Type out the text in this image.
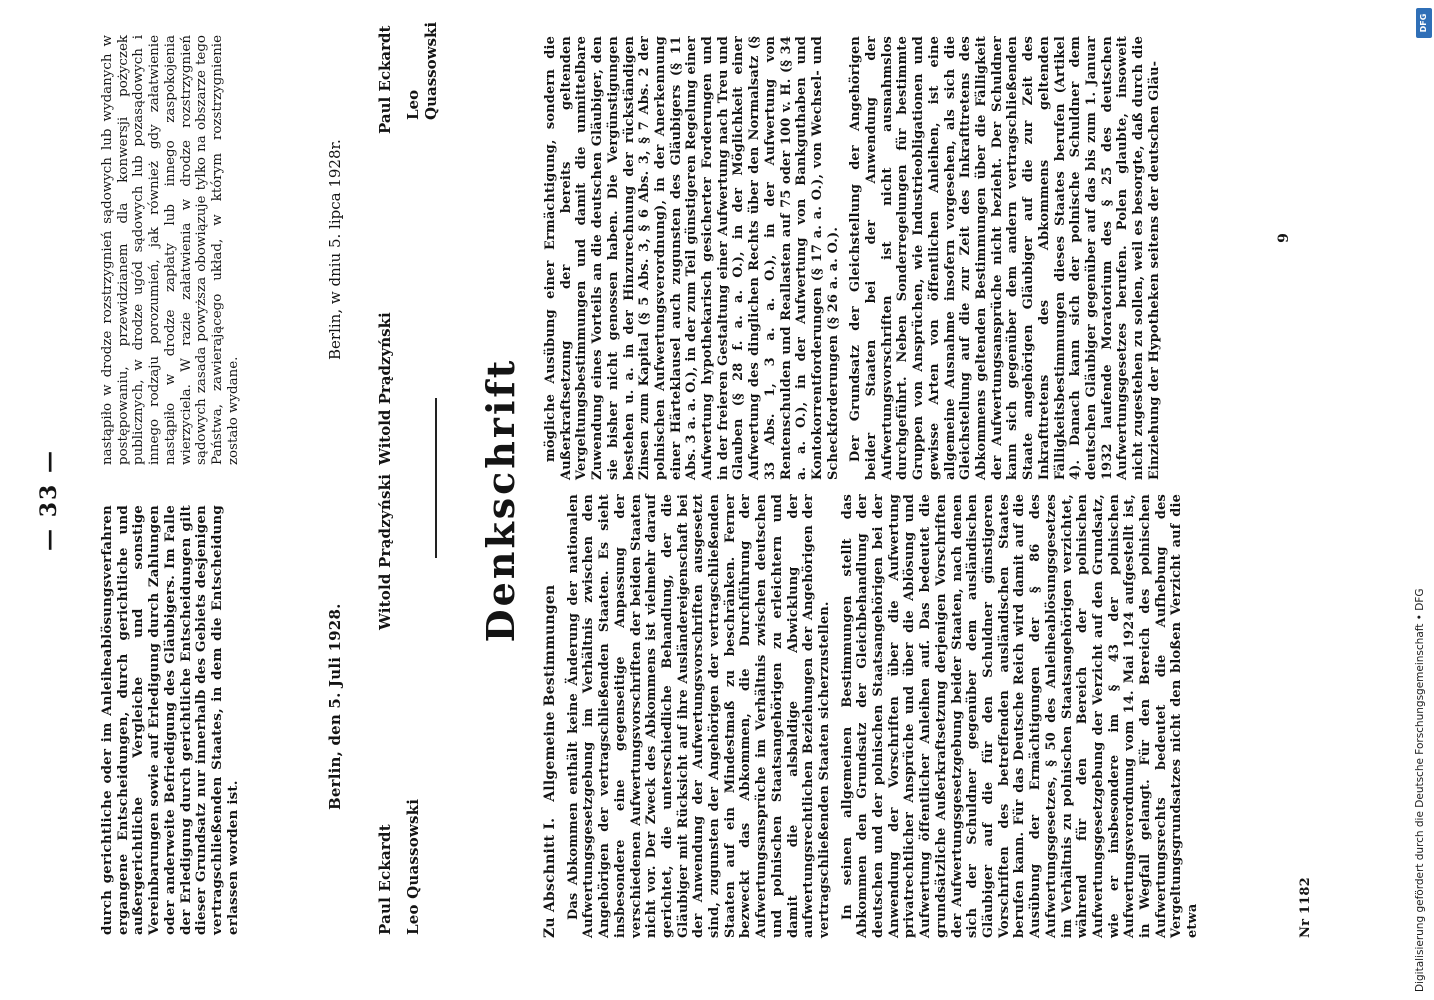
— 33 —

durch gerichtliche oder im Anleiheablösungsverfahren ergangene Entscheidungen, durch gerichtliche und außergerichtliche Vergleiche und sonstige Vereinbarungen sowie auf Erledigung durch Zahlungen oder anderweite Befriedigung des Gläubigers. Im Falle der Erledigung durch gerichtliche Entscheidungen gilt dieser Grundsatz nur innerhalb des Gebiets desjenigen vertragschließenden Staates, in dem die Entscheidung erlassen worden ist.

nastąpiło w drodze rozstrzygnień sądowych lub wydanych w postępowaniu, przewidzianem dla konwersji pożyczek publicznych, w drodze ugód sądowych lub pozasądowych i innego rodzaju porozumień, jak również gdy załatwienie nastąpiło w drodze zapłaty lub innego zaspokojenia wierzyciela. W razie załatwienia w drodze rozstrzygnień sądowych zasada powyższa obowiązuje tylko na obszarze tego Państwa, zawierającego układ, w którym rozstrzygnienie zostało wydane.

Berlin, den 5. Juli 1928.
Berlin, w dniu 5. lipca 1928r.
Paul Eckardt Leo Quassowski
Witold Prądzyński
Witold Prądzyński
Paul Eckardt Leo Quassowski
Denkschrift

Zu Abschnitt I.Allgemeine Bestimmungen Das Abkommen enthält keine Änderung der nationalen Aufwertungsgesetzgebung im Verhältnis zwischen den Angehörigen der vertragschließenden Staaten. Es sieht insbesondere eine gegenseitige Anpassung der verschiedenen Aufwertungsvorschriften der beiden Staaten nicht vor. Der Zweck des Abkommens ist vielmehr darauf gerichtet, die unterschiedliche Behandlung, der die Gläubiger mit Rücksicht auf ihre Ausländereigenschaft bei der Anwendung der Aufwertungsvorschriften ausgesetzt sind, zugunsten der Angehörigen der vertragschließenden Staaten auf ein Mindestmaß zu beschränken. Ferner bezweckt das Abkommen, die Durchführung der Aufwertungsansprüche im Verhältnis zwischen deutschen und polnischen Staatsangehörigen zu erleichtern und damit die alsbaldige Abwicklung der aufwertungsrechtlichen Beziehungen der Angehörigen der vertragschließenden Staaten sicherzustellen. In seinen allgemeinen Bestimmungen stellt das Abkommen den Grundsatz der Gleichbehandlung der deutschen und der polnischen Staatsangehörigen bei der Anwendung der Vorschriften über die Aufwertung privatrechtlicher Ansprüche und über die Ablösung und Aufwertung öffentlicher Anleihen auf. Das bedeutet die grundsätzliche Außerkraftsetzung derjenigen Vorschriften der Aufwertungsgesetzgebung beider Staaten, nach denen sich der Schuldner gegenüber dem ausländischen Gläubiger auf die für den Schuldner günstigeren Vorschriften des betreffenden ausländischen Staates berufen kann. Für das Deutsche Reich wird damit auf die Ausübung der Ermächtigungen der § 86 des Aufwertungsgesetzes, § 50 des Anleiheablösungsgesetzes im Verhältnis zu polnischen Staatsangehörigen verzichtet, während für den Bereich der polnischen Aufwertungsgesetzgebung der Verzicht auf den Grundsatz, wie er insbesondere im § 43 der polnischen Aufwertungsverordnung vom 14. Mai 1924 aufgestellt ist, in Wegfall gelangt. Für den Bereich des polnischen Aufwertungsrechts bedeutet die Aufhebung des Vergeltungsgrundsatzes nicht den bloßen Verzicht auf die etwa

mögliche Ausübung einer Ermächtigung, sondern die Außerkraftsetzung der bereits geltenden Vergeltungsbestimmungen und damit die unmittelbare Zuwendung eines Vorteils an die deutschen Gläubiger, den sie bisher nicht genossen haben. Die Vergünstigungen bestehen u. a. in der Hinzurechnung der rückständigen Zinsen zum Kapital (§ 5 Abs. 3, § 6 Abs. 3, § 7 Abs. 2 der polnischen Aufwertungsverordnung), in der Anerkennung einer Härteklausel auch zugunsten des Gläubigers (§ 11 Abs. 3 a. a. O.), in der zum Teil günstigeren Regelung einer Aufwertung hypothekarisch gesicherter Forderungen und in der freieren Gestaltung einer Aufwertung nach Treu und Glauben (§ 28 f. a. a. O.), in der Möglichkeit einer Aufwertung des dinglichen Rechts über den Normalsatz (§ 33 Abs. 1, 3 a. a. O.), in der Aufwertung von Rentenschulden und Reallasten auf 75 oder 100 v. H. (§ 34 a. a. O.), in der Aufwertung von Bankguthaben und Kontokorrentforderungen (§ 17 a. a. O.), von Wechsel- und Scheckforderungen (§ 26 a. a. O.). Der Grundsatz der Gleichstellung der Angehörigen beider Staaten bei der Anwendung der Aufwertungsvorschriften ist nicht ausnahmslos durchgeführt. Neben Sonderregelungen für bestimmte Gruppen von Ansprüchen, wie Industrieobligationen und gewisse Arten von öffentlichen Anleihen, ist eine allgemeine Ausnahme insofern vorgesehen, als sich die Gleichstellung auf die zur Zeit des Inkrafttretens des Abkommens geltenden Bestimmungen über die Fälligkeit der Aufwertungsansprüche nicht bezieht. Der Schuldner kann sich gegenüber dem andern vertragschließenden Staate angehörigen Gläubiger auf die zur Zeit des Inkrafttretens des Abkommens geltenden Fälligkeitsbestimmungen dieses Staates berufen (Artikel 4). Danach kann sich der polnische Schuldner dem deutschen Gläubiger gegenüber auf das bis zum 1. Januar 1932 laufende Moratorium des § 25 des deutschen Aufwertungsgesetzes berufen. Polen glaubte, insoweit nicht zugestehen zu sollen, weil es besorgte, daß durch die Einziehung der Hypotheken seitens der deutschen Gläu-

Nr 1182
9
DFG
Digitalisierung gefördert durch die Deutsche Forschungsgemeinschaft • DFG
